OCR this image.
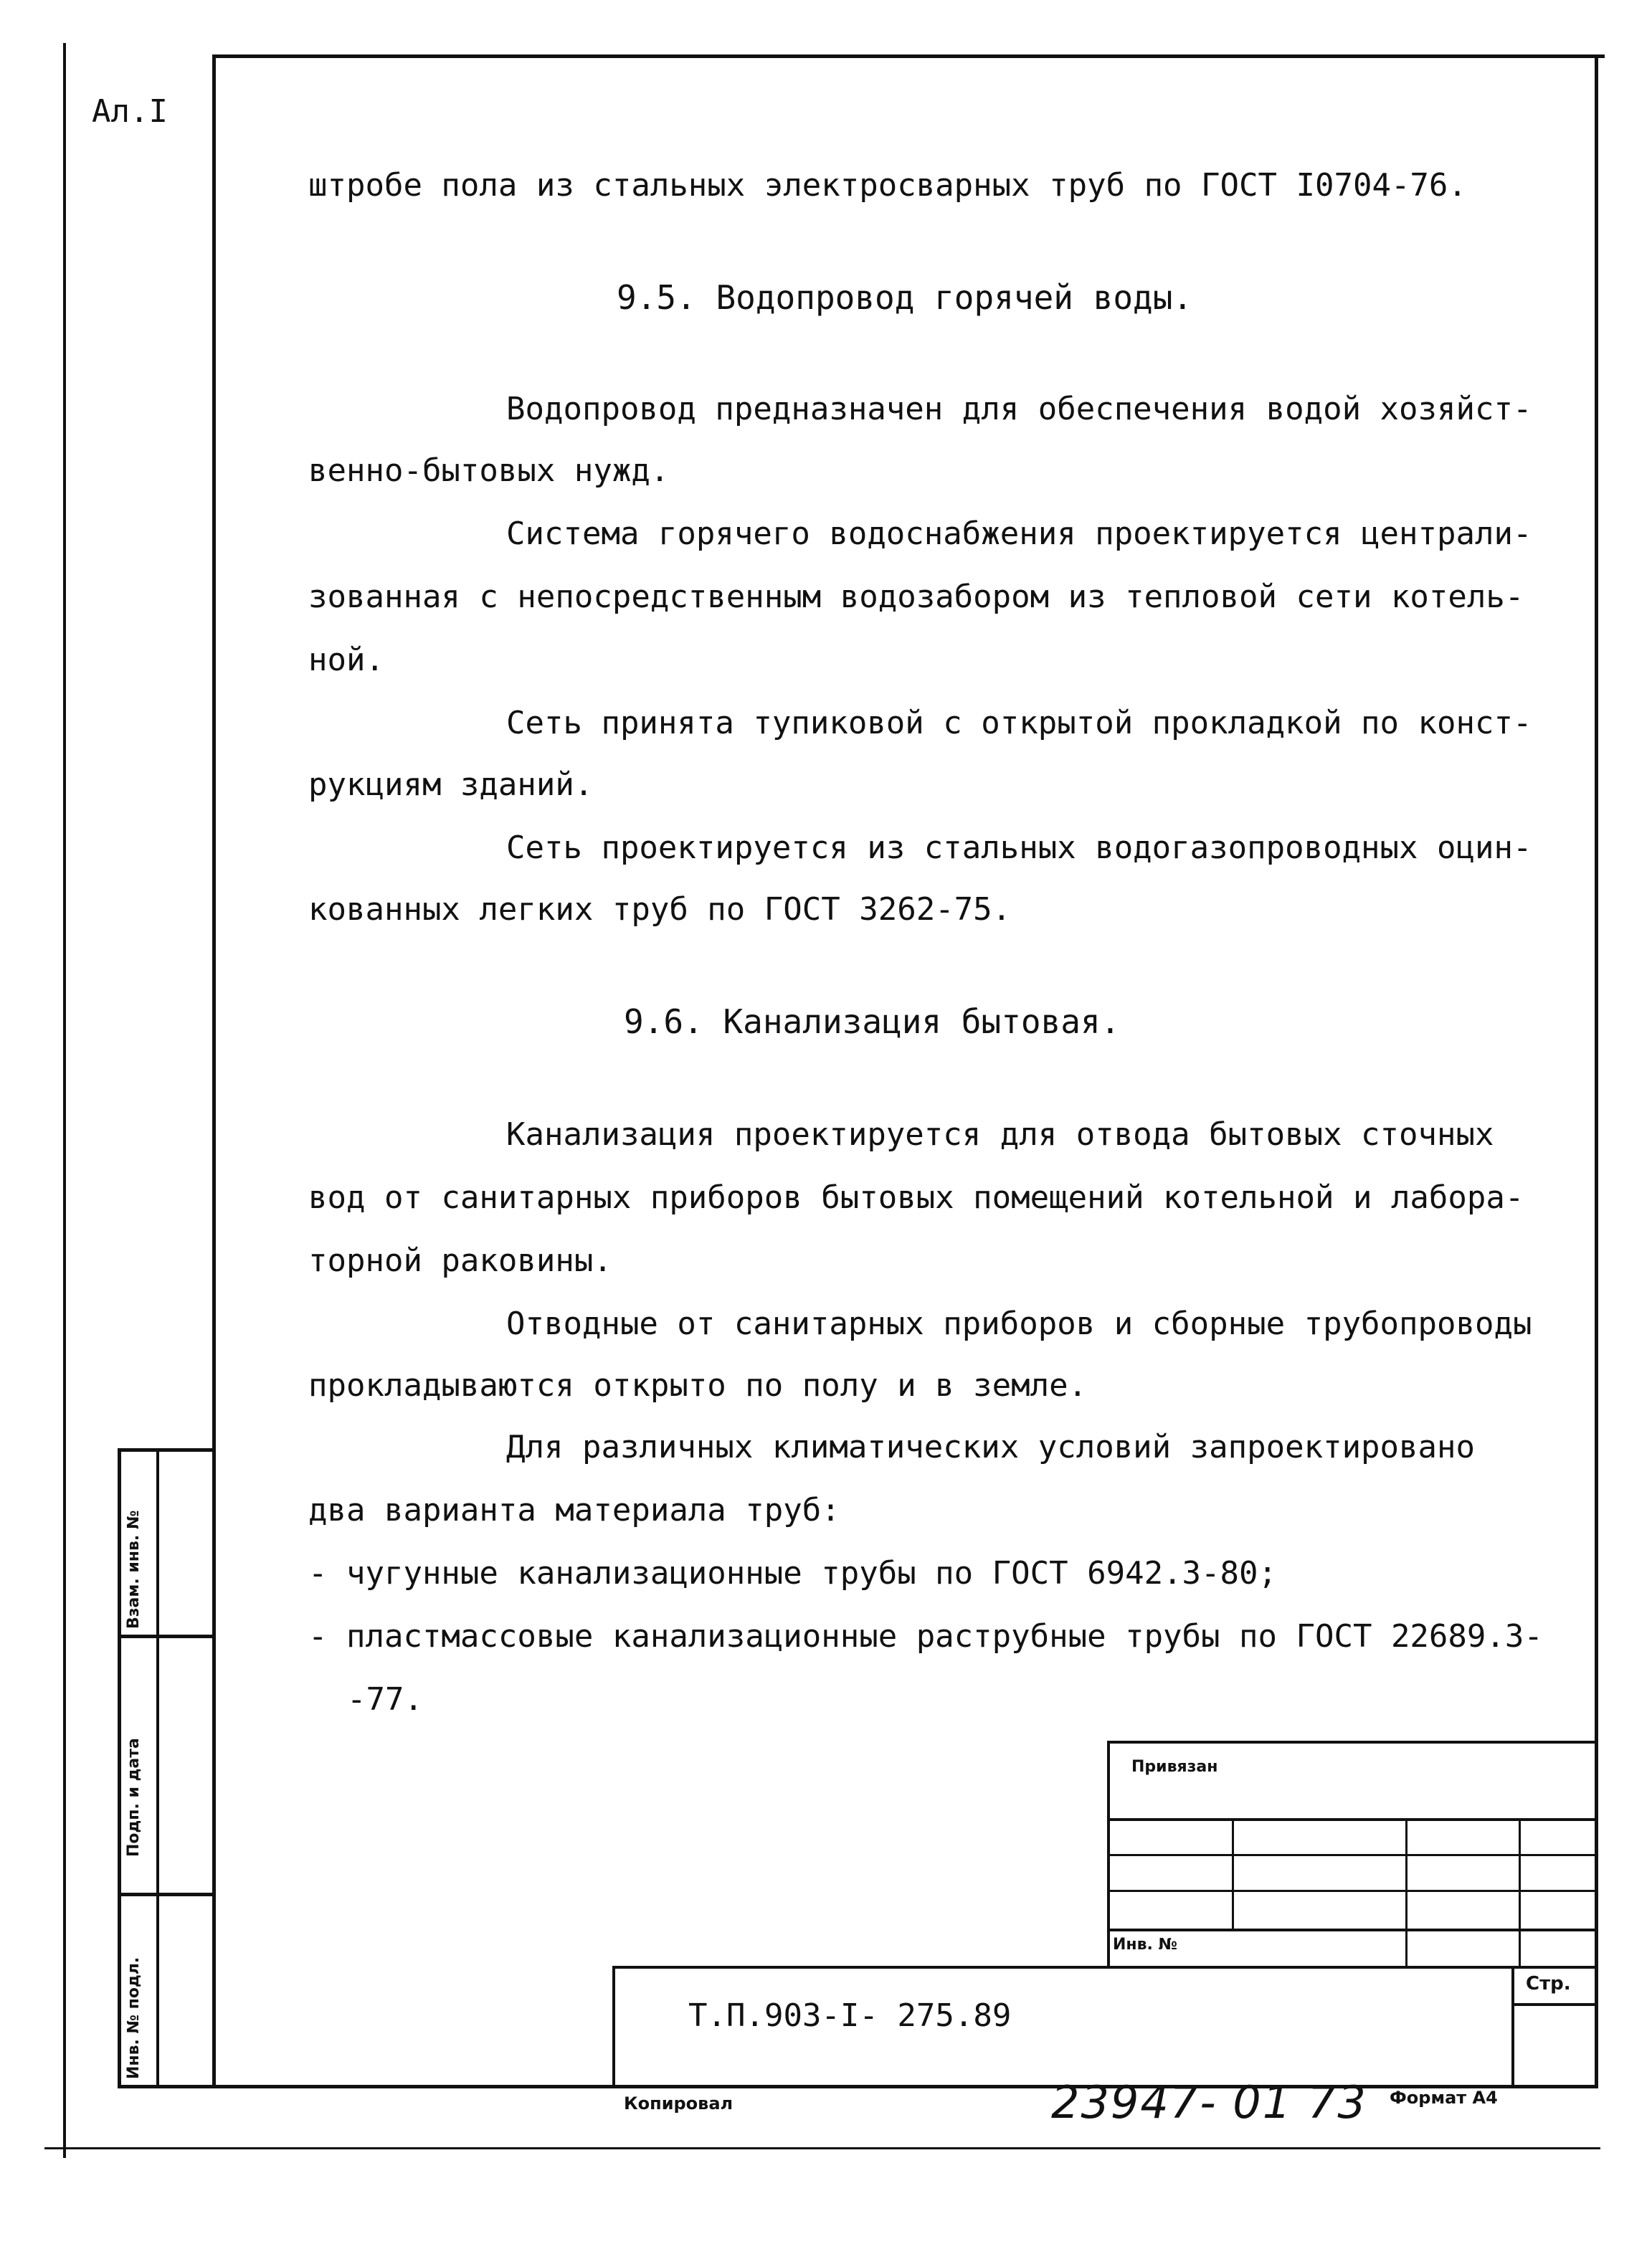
Ал.I
штробе пола из стальных электросварных труб по ГОСТ I0704-76.
9.5. Водопровод горячей воды.
Водопровод предназначен для обеспечения водой хозяйст-
венно-бытовых нужд.
Система горячего водоснабжения проектируется централи-
зованная с непосредственным водозабором из тепловой сети котель-
ной.
Сеть принята тупиковой с открытой прокладкой по конст-
рукциям зданий.
Сеть проектируется из стальных водогазопроводных оцин-
кованных легких труб по ГОСТ 3262-75.
9.6. Канализация бытовая.
Канализация проектируется для отвода бытовых сточных
вод от санитарных приборов бытовых помещений котельной и лабора-
торной раковины.
Отводные от санитарных приборов и сборные трубопроводы
прокладываются открыто по полу и в земле.
Для различных климатических условий запроектировано
два варианта материала труб:
- чугунные канализационные трубы по ГОСТ 6942.3-80;
- пластмассовые канализационные раструбные трубы по ГОСТ 22689.3-
-77.
Взам. инв. №
Подп. и дата
Инв. № подл.
Привязан
Инв. №
Стр.
Т.П.903-I- 275.89
Копировал	23947- 01 73 Формат А4
